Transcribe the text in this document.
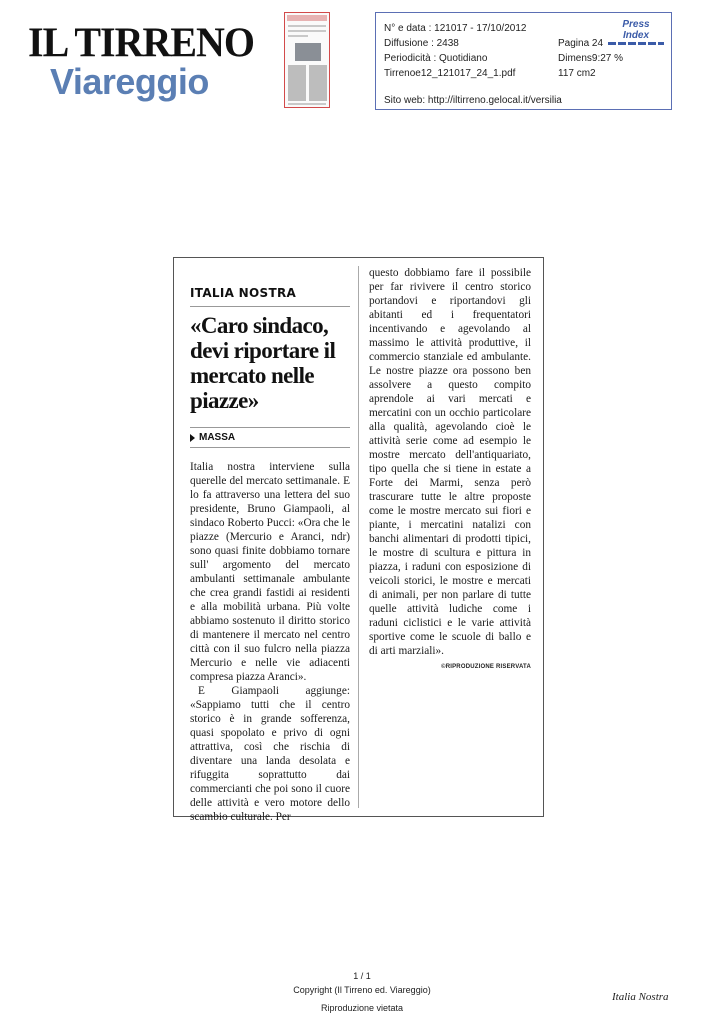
IL TIRRENO
Viareggio
N° e data : 121017 - 17/10/2012
Diffusione : 2438
Periodicità : Quotidiano
Tirrenoe12_121017_24_1.pdf
Pagina 24
Dimens9:27 %
117 cm2
Sito web: http://iltirreno.gelocal.it/versilia
Press Index
ITALIA NOSTRA
«Caro sindaco, devi riportare il mercato nelle piazze»
MASSA

Italia nostra interviene sulla querelle del mercato settimanale. E lo fa attraverso una lettera del suo presidente, Bruno Giampaoli, al sindaco Roberto Pucci: «Ora che le piazze (Mercurio e Aranci, ndr) sono quasi finite dobbiamo tornare sull' argomento del mercato ambulanti settimanale ambulante che crea grandi fastidi ai residenti e alla mobilità urbana. Più volte abbiamo sostenuto il diritto storico di mantenere il mercato nel centro città con il suo fulcro nella piazza Mercurio e nelle vie adiacenti compresa piazza Aranci».

E Giampaoli aggiunge: «Sappiamo tutti che il centro storico è in grande sofferenza, quasi spopolato e privo di ogni attrattiva, così che rischia di diventare una landa desolata e rifuggita soprattutto dai commercianti che poi sono il cuore delle attività e vero motore dello scambio culturale. Per

questo dobbiamo fare il possibile per far rivivere il centro storico portandovi e riportandovi gli abitanti ed i frequentatori incentivando e agevolando al massimo le attività produttive, il commercio stanziale ed ambulante. Le nostre piazze ora possono ben assolvere a questo compito aprendole ai vari mercati e mercatini con un occhio particolare alla qualità, agevolando cioè le attività serie come ad esempio le mostre mercato dell'antiquariato, tipo quella che si tiene in estate a Forte dei Marmi, senza però trascurare tutte le altre proposte come le mostre mercato sui fiori e piante, i mercatini natalizi con banchi alimentari di prodotti tipici, le mostre di scultura e pittura in piazza, i raduni con esposizione di veicoli storici, le mostre e mercati di animali, per non parlare di tutte quelle attività ludiche come i raduni ciclistici e le varie attività sportive come le scuole di ballo e di arti marziali».

©RIPRODUZIONE RISERVATA
1 / 1
Copyright (Il Tirreno ed. Viareggio)
Riproduzione vietata
Italia Nostra
